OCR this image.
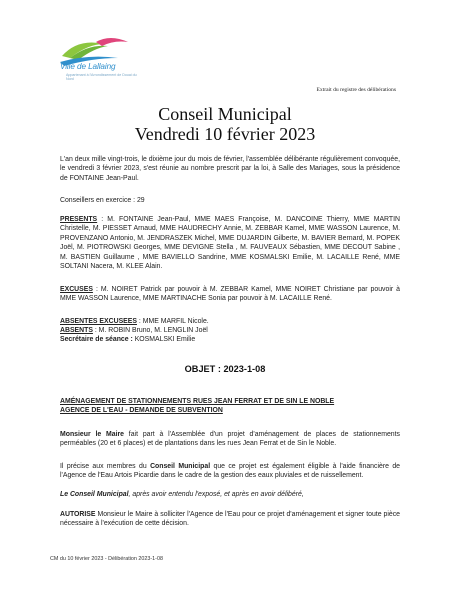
Ville de Lallaing
Appartenant à l'Arrondissement de Douai du Nord
Extrait du registre des délibérations
Conseil Municipal
Vendredi 10 février 2023
L'an deux mille vingt-trois, le dixième jour du mois de février, l'assemblée délibérante régulièrement convoquée, le vendredi 3 février 2023, s'est réunie au nombre prescrit par la loi, à Salle des Mariages, sous la présidence de FONTAINE Jean-Paul.
Conseillers en exercice : 29
PRESENTS : M. FONTAINE Jean-Paul, MME MAES Françoise, M. DANCOINE Thierry, MME MARTIN Christelle, M. PIESSET Arnaud, MME HAUDRECHY Annie, M. ZEBBAR Kamel, MME WASSON Laurence, M. PROVENZANO Antonio, M. JENDRASZEK Michel, MME DUJARDIN Gilberte, M. BAVIER Bernard, M. POPEK Joël, M. PIOTROWSKI Georges, MME DEVIGNE Stella , M. FAUVEAUX Sébastien, MME DECOUT Sabine , M. BASTIEN Guillaume , MME BAVIELLO Sandrine, MME KOSMALSKI Emilie, M. LACAILLE René, MME SOLTANI Nacera, M. KLEE Alain.
EXCUSES : M. NOIRET Patrick par pouvoir à M. ZEBBAR Kamel, MME NOIRET Christiane par pouvoir à MME WASSON Laurence, MME MARTINACHE Sonia par pouvoir à M. LACAILLE René.
ABSENTES EXCUSEES : MME MARFIL Nicole.
ABSENTS : M. ROBIN Bruno, M. LENGLIN Joël
Secrétaire de séance : KOSMALSKI Emilie
OBJET : 2023-1-08
AMÉNAGEMENT DE STATIONNEMENTS RUES JEAN FERRAT ET DE SIN LE NOBLE
AGENCE DE L'EAU - DEMANDE DE SUBVENTION
Monsieur le Maire fait part à l'Assemblée d'un projet d'aménagement de places de stationnements perméables (20 et 6 places) et de plantations dans les rues Jean Ferrat et de Sin le Noble.
Il précise aux membres du Conseil Municipal que ce projet est également éligible à l'aide financière de l'Agence de l'Eau Artois Picardie dans le cadre de la gestion des eaux pluviales et de ruissellement.
Le Conseil Municipal, après avoir entendu l'exposé, et après en avoir délibéré,
AUTORISE Monsieur le Maire à solliciter l'Agence de l'Eau pour ce projet d'aménagement et signer toute pièce nécessaire à l'exécution de cette décision.
CM du 10 février 2023 - Délibération 2023-1-08
